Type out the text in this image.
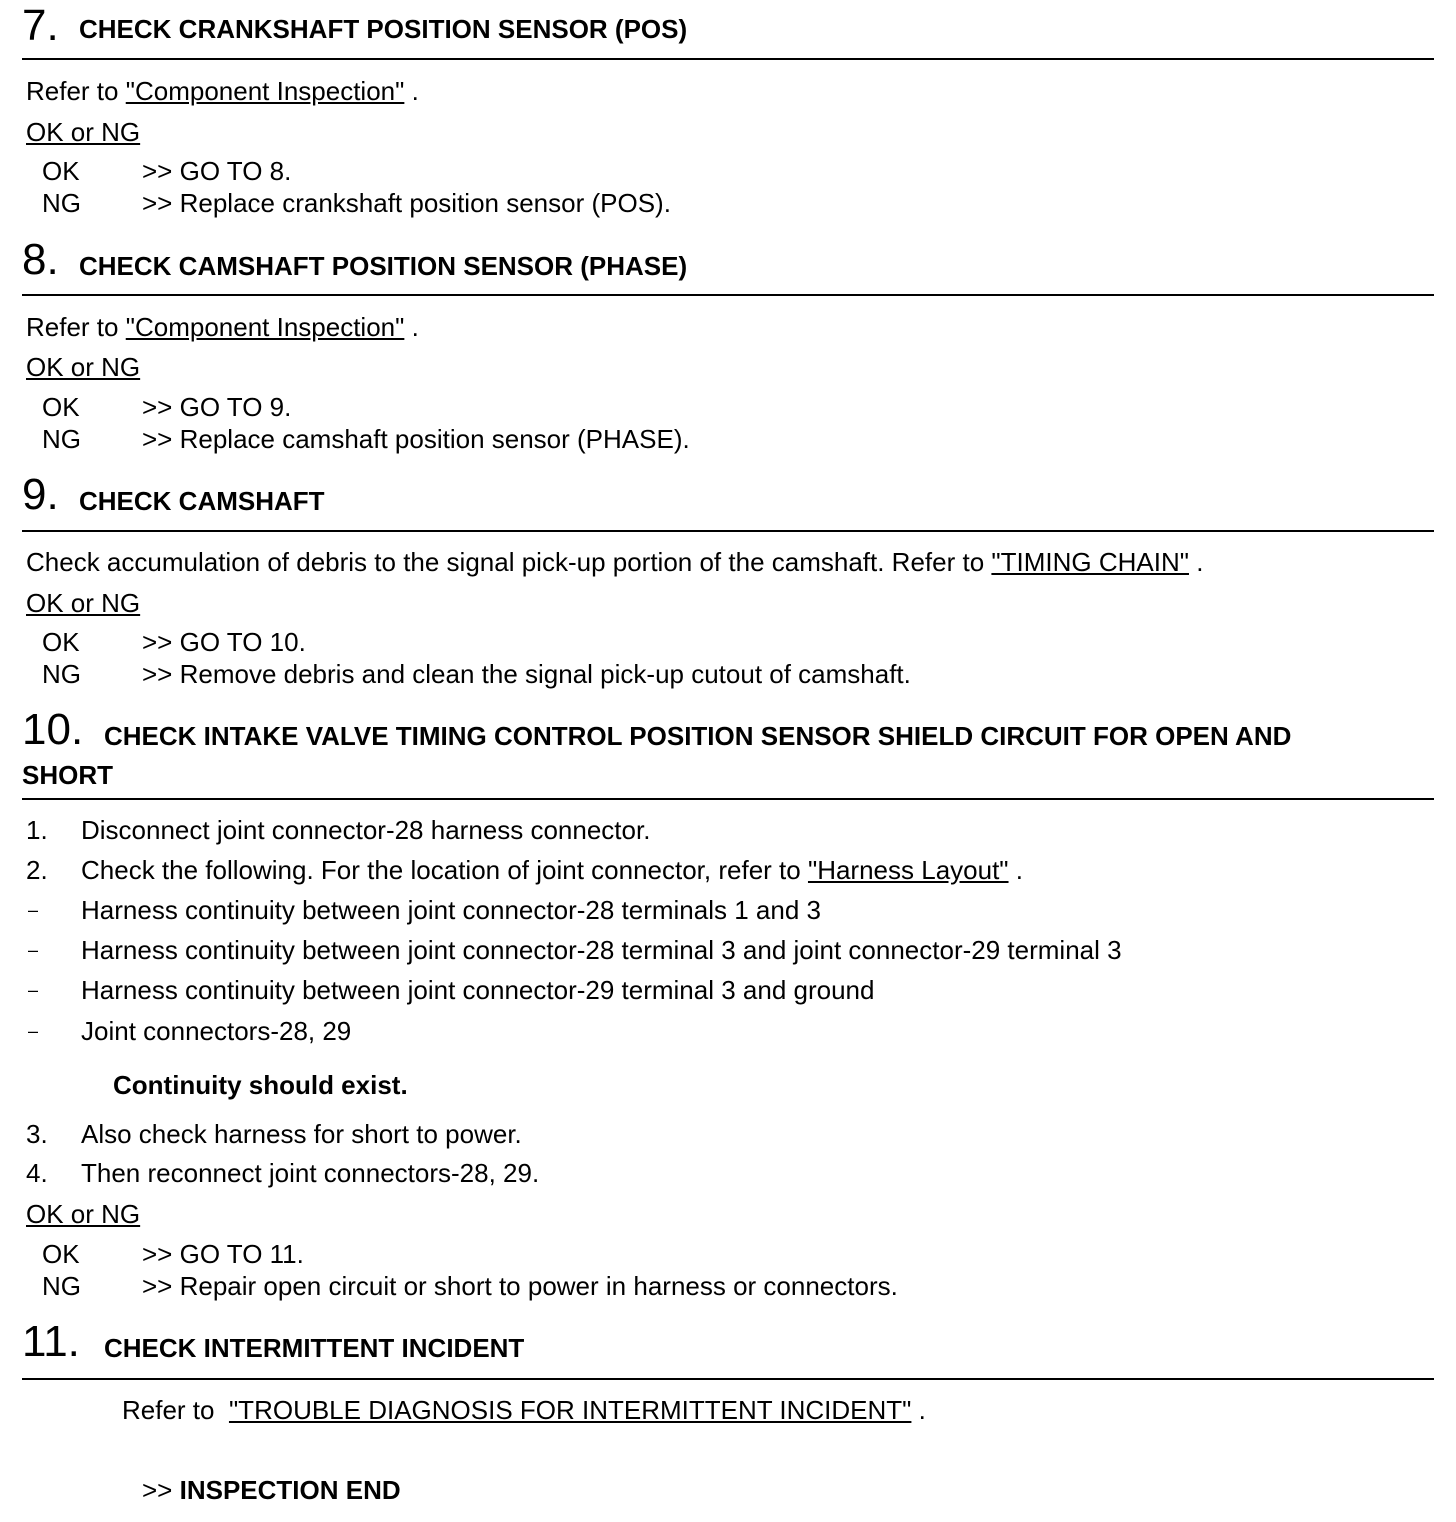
7. CHECK CRANKSHAFT POSITION SENSOR (POS)
Refer to "Component Inspection" .
OK or NG
OK >> GO TO 8.
NG >> Replace crankshaft position sensor (POS).
8. CHECK CAMSHAFT POSITION SENSOR (PHASE)
Refer to "Component Inspection" .
OK or NG
OK >> GO TO 9.
NG >> Replace camshaft position sensor (PHASE).
9. CHECK CAMSHAFT
Check accumulation of debris to the signal pick-up portion of the camshaft. Refer to "TIMING CHAIN" .
OK or NG
OK >> GO TO 10.
NG >> Remove debris and clean the signal pick-up cutout of camshaft.
10. CHECK INTAKE VALVE TIMING CONTROL POSITION SENSOR SHIELD CIRCUIT FOR OPEN AND
SHORT
1. Disconnect joint connector-28 harness connector.
2. Check the following. For the location of joint connector, refer to "Harness Layout" .
– Harness continuity between joint connector-28 terminals 1 and 3
– Harness continuity between joint connector-28 terminal 3 and joint connector-29 terminal 3
– Harness continuity between joint connector-29 terminal 3 and ground
– Joint connectors-28, 29
Continuity should exist.
3. Also check harness for short to power.
4. Then reconnect joint connectors-28, 29.
OK or NG
OK >> GO TO 11.
NG >> Repair open circuit or short to power in harness or connectors.
11. CHECK INTERMITTENT INCIDENT
Refer to "TROUBLE DIAGNOSIS FOR INTERMITTENT INCIDENT" .
>> INSPECTION END
